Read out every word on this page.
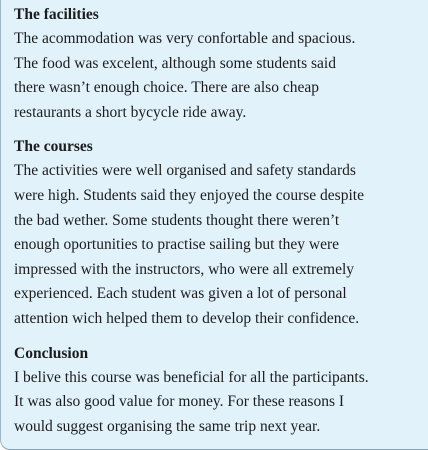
The facilities
The acommodation was very confortable and spacious.
The food was excelent, although some students said
there wasn’t enough choice. There are also cheap
restaurants a short bycycle ride away.
The courses
The activities were well organised and safety standards
were high. Students said they enjoyed the course despite
the bad wether. Some students thought there weren’t
enough oportunities to practise sailing but they were
impressed with the instructors, who were all extremely
experienced. Each student was given a lot of personal
attention wich helped them to develop their confidence.
Conclusion
I belive this course was beneficial for all the participants.
It was also good value for money. For these reasons I
would suggest organising the same trip next year.
